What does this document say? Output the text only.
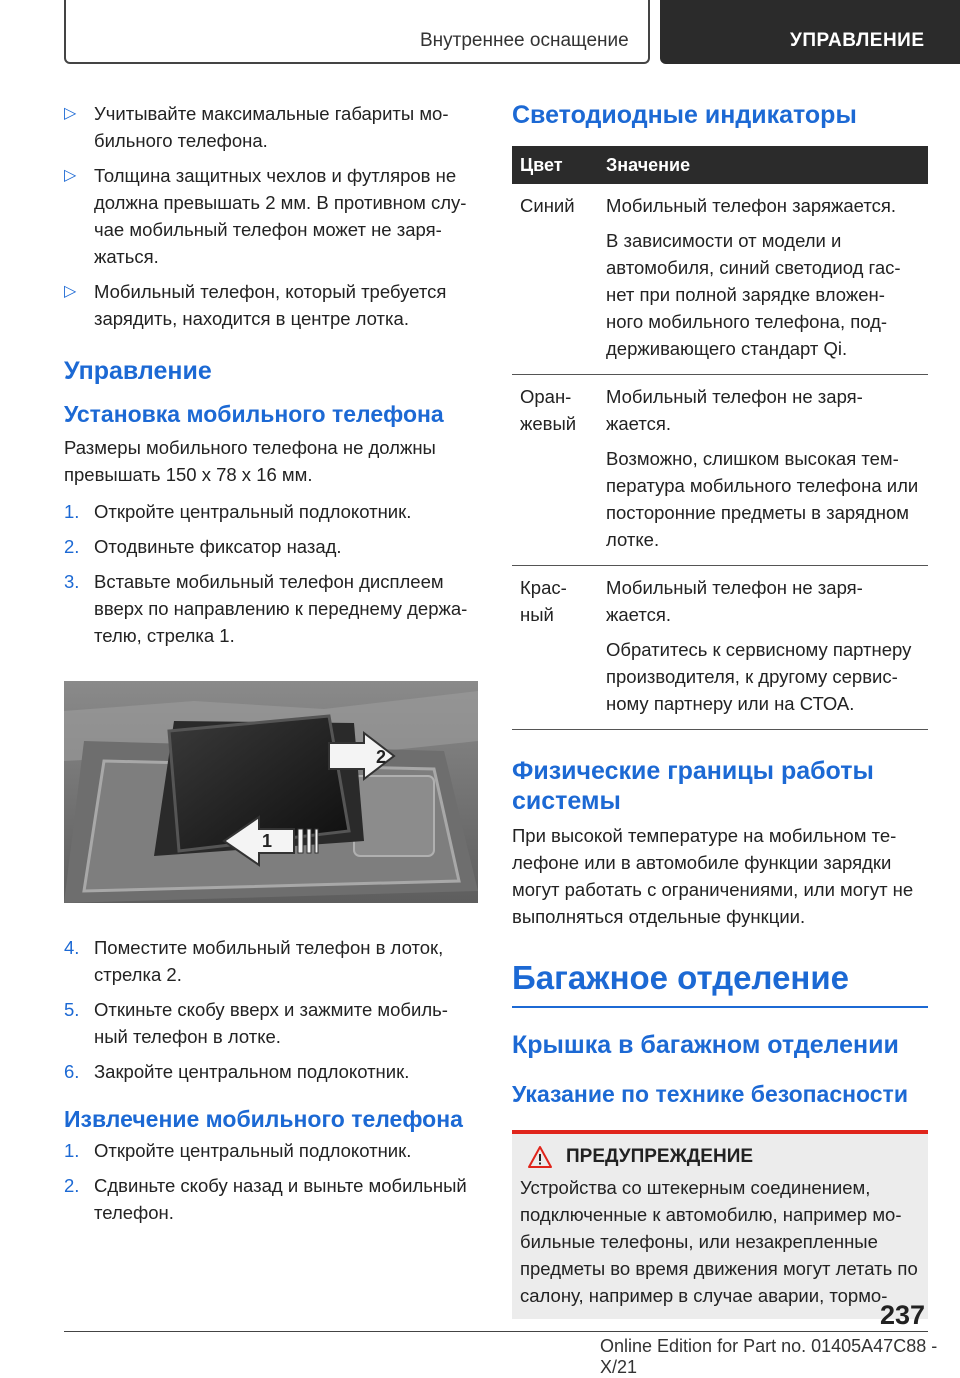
Внутреннее оснащение	УПРАВЛЕНИЕ
▷ Учитывайте максимальные габариты мо-бильного телефона.
▷ Толщина защитных чехлов и футляров не должна превышать 2 мм. В противном слу-чае мобильный телефон может не заря-жаться.
▷ Мобильный телефон, который требуется зарядить, находится в центре лотка.
Управление
Установка мобильного телефона
Размеры мобильного телефона не должны превышать 150 x 78 x 16 мм.
1. Откройте центральный подлокотник.
2. Отодвиньте фиксатор назад.
3. Вставьте мобильный телефон дисплеем вверх по направлению к переднему держа-телю, стрелка 1.
2
1
4. Поместите мобильный телефон в лоток, стрелка 2.
5. Откиньте скобу вверх и зажмите мобиль-ный телефон в лотке.
6. Закройте центральном подлокотник.
Извлечение мобильного телефона
1. Откройте центральный подлокотник.
2. Сдвиньте скобу назад и выньте мобильный телефон.
Светодиодные индикаторы
Цвет	Значение
Синий	Мобильный телефон заряжается.

В зависимости от модели и автомобиля, синий светодиод гас-нет при полной зарядке вложен-ного мобильного телефона, под-держивающего стандарт Qi.

Оран-жевый	Мобильный телефон не заря-жается.

Возможно, слишком высокая тем-пература мобильного телефона или посторонние предметы в зарядном лотке.

Крас-ный	Мобильный телефон не заря-жается.

Обратитесь к сервисному партнеру производителя, к другому сервис-ному партнеру или на СТОА.

Физические границы работы системы
При высокой температуре на мобильном те-лефоне или в автомобиле функции зарядки могут работать с ограничениями, или могут не выполняться отдельные функции.
Багажное отделение
Крышка в багажном отделении
Указание по технике безопасности
ПРЕДУПРЕЖДЕНИЕ
Устройства со штекерным соединением, подключенные к автомобилю, например мо-бильные телефоны, или незакрепленные предметы во время движения могут летать по салону, например в случае аварии, тормо-
237
Online Edition for Part no. 01405A47C88 - X/21
